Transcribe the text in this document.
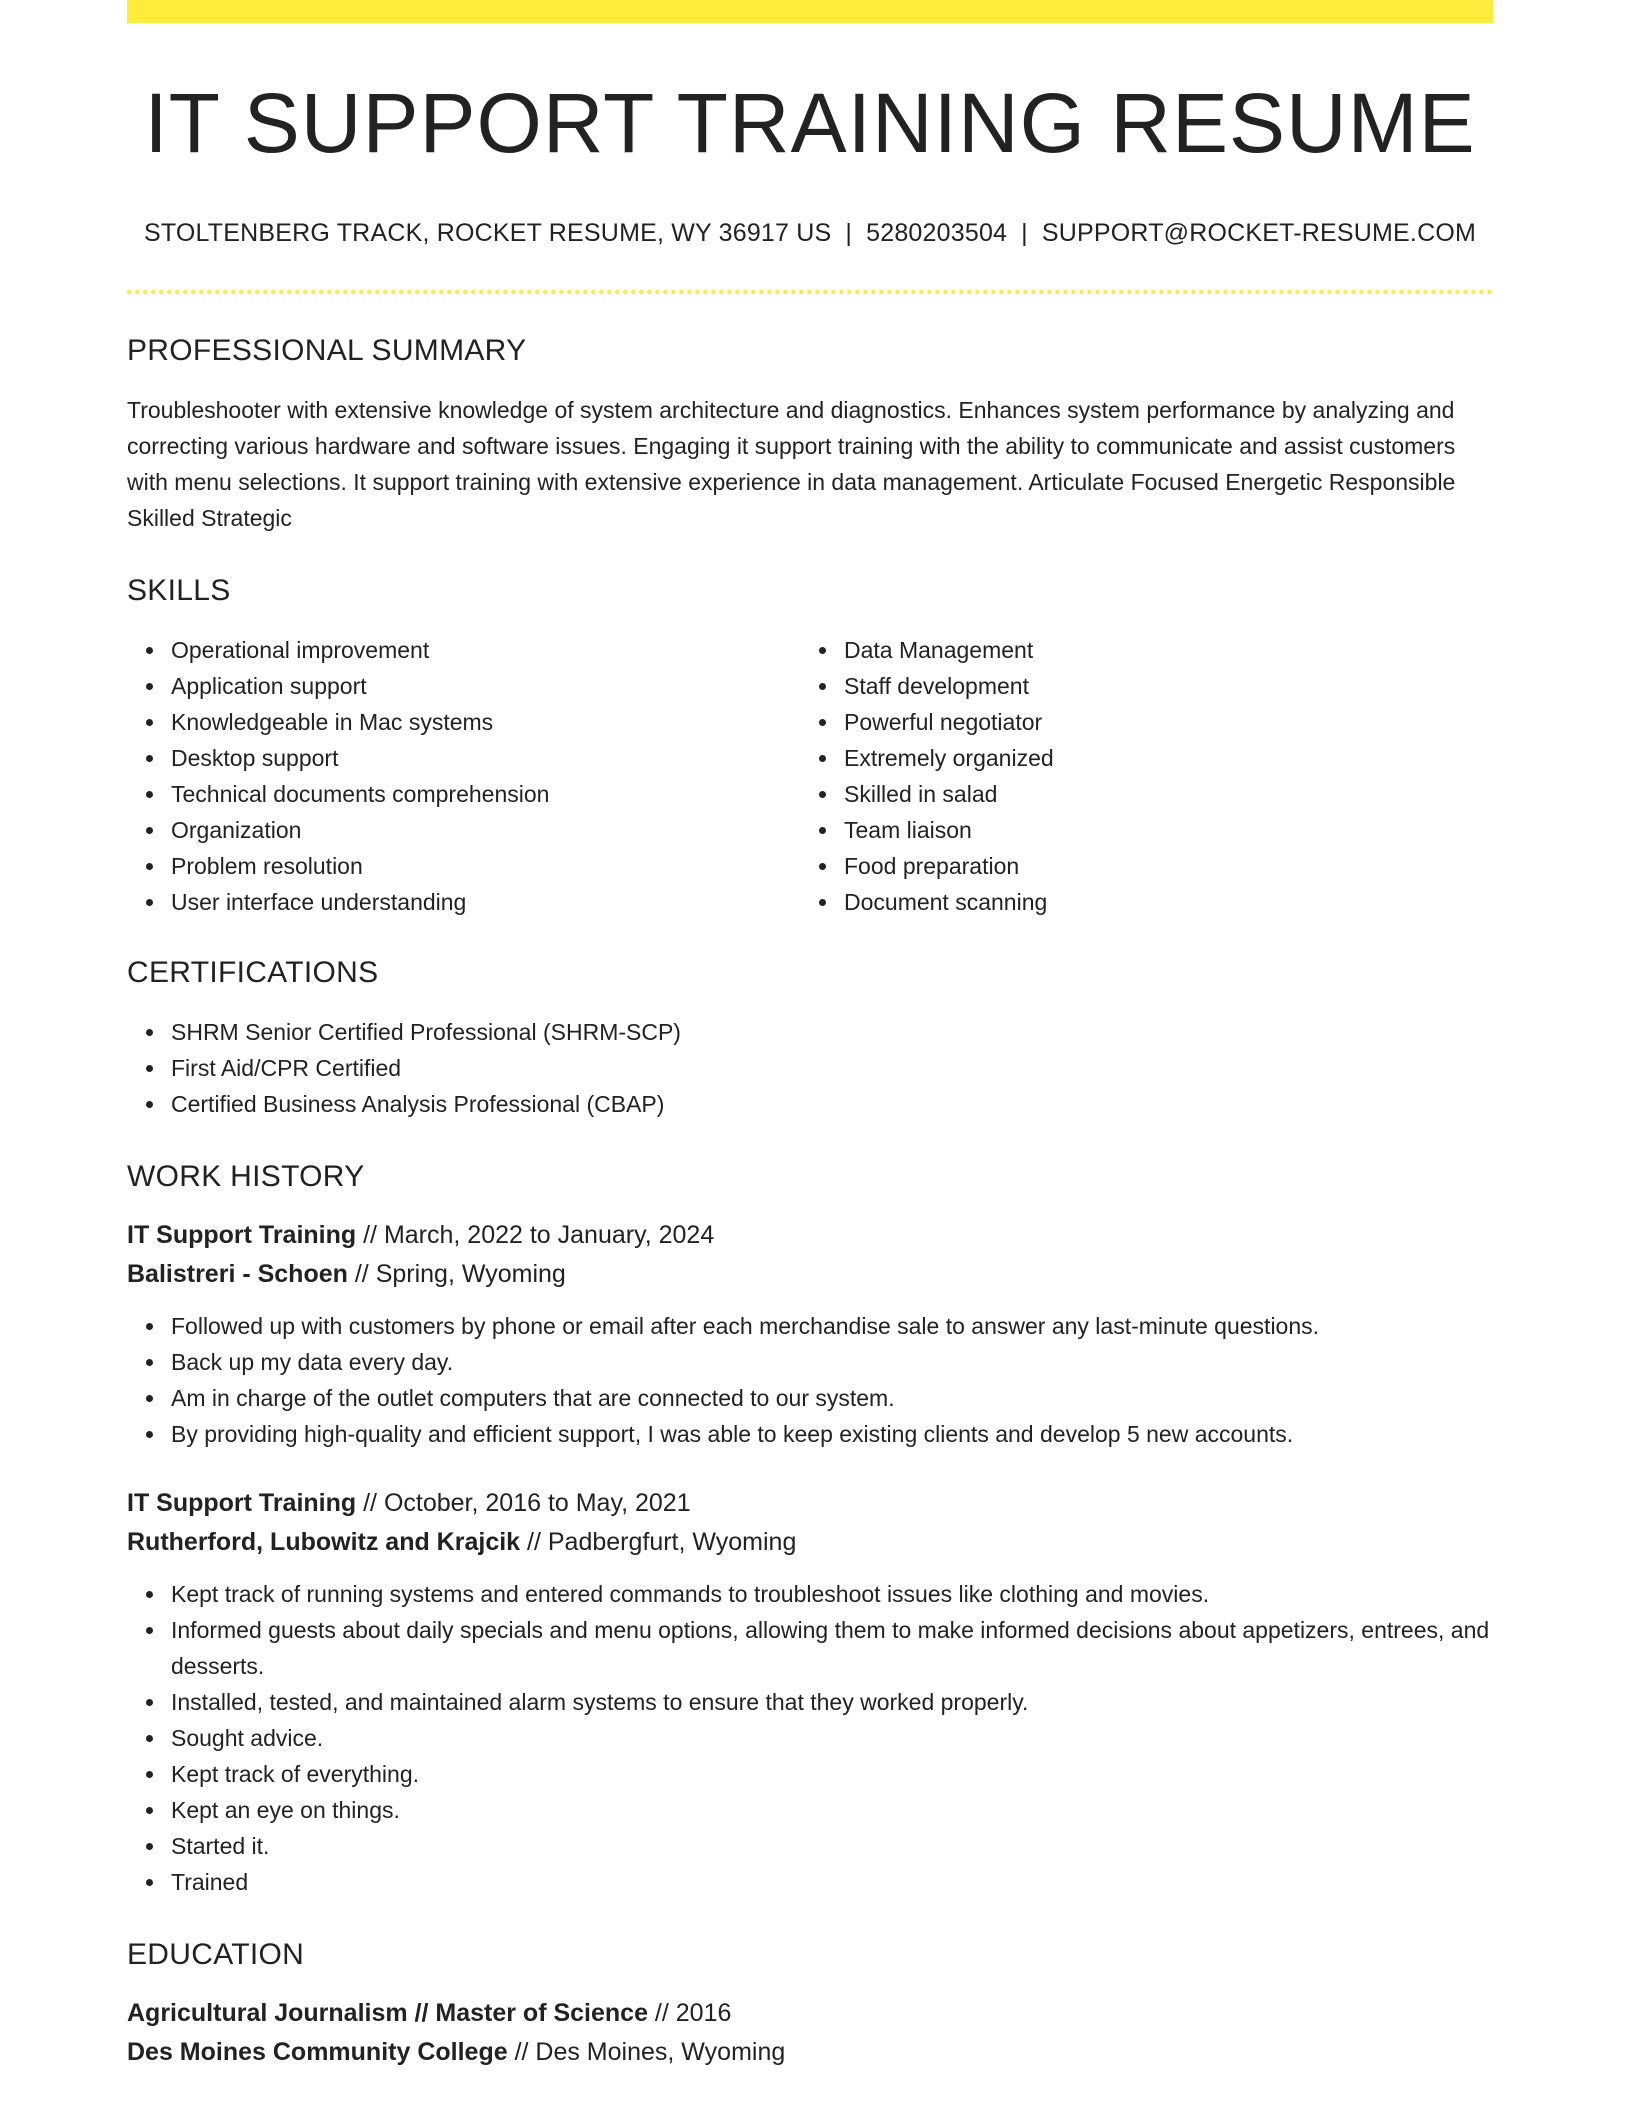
IT SUPPORT TRAINING RESUME
STOLTENBERG TRACK, ROCKET RESUME, WY 36917 US | 5280203504 | SUPPORT@ROCKET-RESUME.COM
PROFESSIONAL SUMMARY

Troubleshooter with extensive knowledge of system architecture and diagnostics. Enhances system performance by analyzing and correcting various hardware and software issues. Engaging it support training with the ability to communicate and assist customers with menu selections. It support training with extensive experience in data management. Articulate Focused Energetic Responsible Skilled Strategic

SKILLS
Operational improvement
Application support
Knowledgeable in Mac systems
Desktop support
Technical documents comprehension
Organization
Problem resolution
User interface understanding
Data Management
Staff development
Powerful negotiator
Extremely organized
Skilled in salad
Team liaison
Food preparation
Document scanning
CERTIFICATIONS
SHRM Senior Certified Professional (SHRM-SCP)
First Aid/CPR Certified
Certified Business Analysis Professional (CBAP)
WORK HISTORY
IT Support Training // March, 2022 to January, 2024
Balistreri - Schoen // Spring, Wyoming
Followed up with customers by phone or email after each merchandise sale to answer any last-minute questions.
Back up my data every day.
Am in charge of the outlet computers that are connected to our system.
By providing high-quality and efficient support, I was able to keep existing clients and develop 5 new accounts.
IT Support Training // October, 2016 to May, 2021
Rutherford, Lubowitz and Krajcik // Padbergfurt, Wyoming
Kept track of running systems and entered commands to troubleshoot issues like clothing and movies.
Informed guests about daily specials and menu options, allowing them to make informed decisions about appetizers, entrees, and desserts.
Installed, tested, and maintained alarm systems to ensure that they worked properly.
Sought advice.
Kept track of everything.
Kept an eye on things.
Started it.
Trained
EDUCATION
Agricultural Journalism // Master of Science // 2016
Des Moines Community College // Des Moines, Wyoming
